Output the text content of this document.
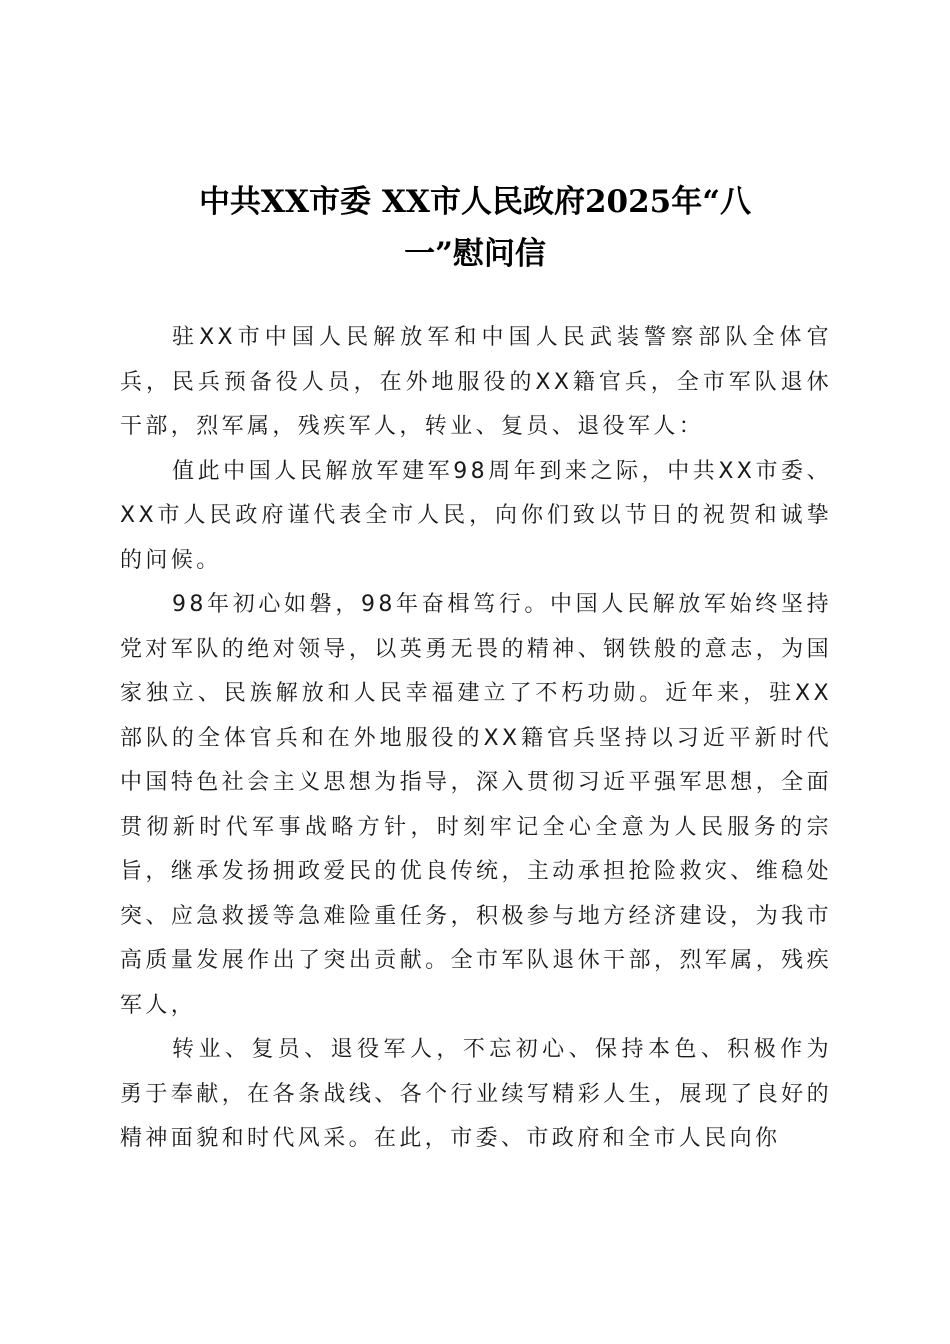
中共XX市委 XX市人民政府2025年“八
一”慰问信

驻XX市中国人民解放军和中国人民武装警察部队全体官兵，民兵预备役人员，在外地服役的XX籍官兵，全市军队退休干部，烈军属，残疾军人，转业、复员、退役军人：

值此中国人民解放军建军98周年到来之际，中共XX市委、XX市人民政府谨代表全市人民，向你们致以节日的祝贺和诚挚的问候。

98年初心如磐，98年奋楫笃行。中国人民解放军始终坚持党对军队的绝对领导，以英勇无畏的精神、钢铁般的意志，为国家独立、民族解放和人民幸福建立了不朽功勋。近年来，驻XX部队的全体官兵和在外地服役的XX籍官兵坚持以习近平新时代中国特色社会主义思想为指导，深入贯彻习近平强军思想，全面贯彻新时代军事战略方针，时刻牢记全心全意为人民服务的宗旨，继承发扬拥政爱民的优良传统，主动承担抢险救灾、维稳处突、应急救援等急难险重任务，积极参与地方经济建设，为我市高质量发展作出了突出贡献。全市军队退休干部，烈军属，残疾军人，

转业、复员、退役军人，不忘初心、保持本色、积极作为勇于奉献，在各条战线、各个行业续写精彩人生，展现了良好的精神面貌和时代风采。在此，市委、市政府和全市人民向你
